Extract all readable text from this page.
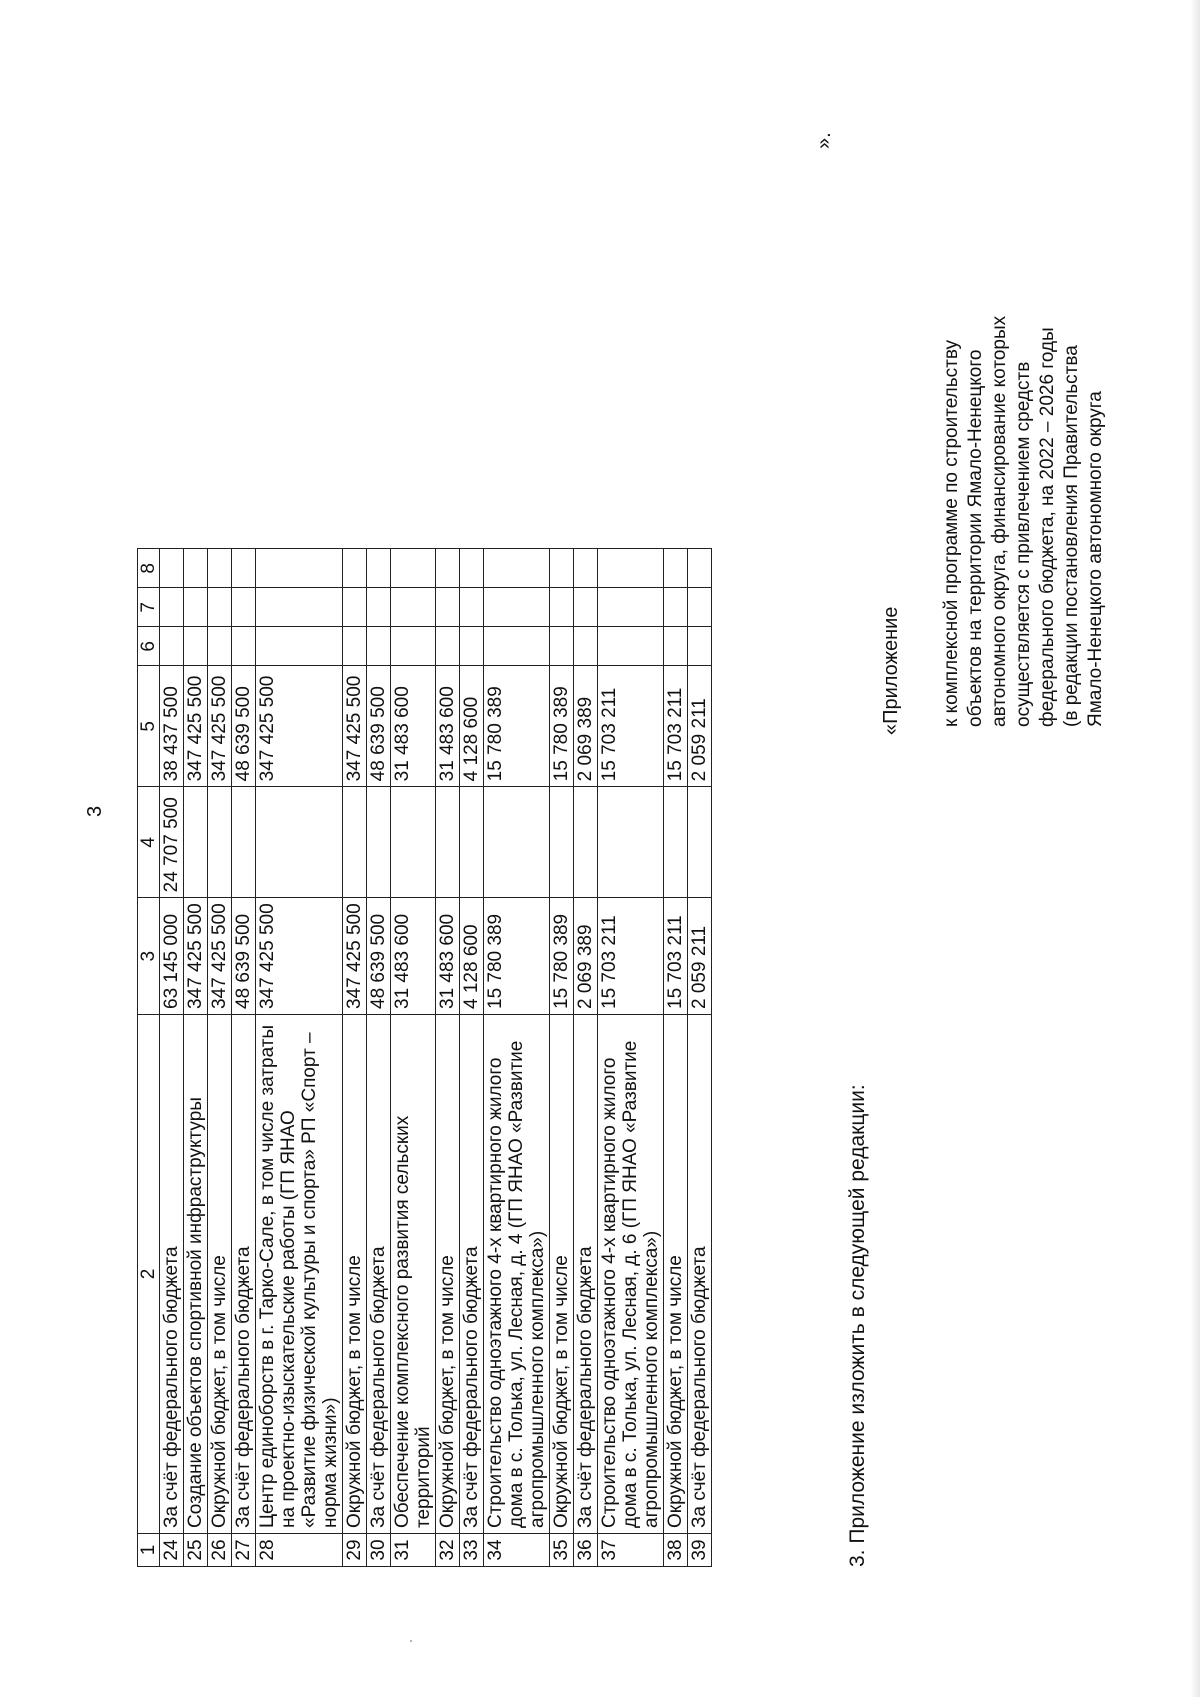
3
1	2	3	4	5	6	7	8
24	За счёт федерального бюджета	63 145 000	24 707 500	38 437 500			
25	Создание объектов спортивной инфраструктуры	347 425 500		347 425 500			
26	Окружной бюджет, в том числе	347 425 500		347 425 500			
27	За счёт федерального бюджета	48 639 500		48 639 500			
28	Центр единоборств в г. Тарко-Сале, в том числе затраты на проектно-изыскательские работы (ГП ЯНАО «Развитие физической культуры и спорта» РП «Спорт – норма жизни»)	347 425 500		347 425 500			
29	Окружной бюджет, в том числе	347 425 500		347 425 500			
30	За счёт федерального бюджета	48 639 500		48 639 500			
31	Обеспечение комплексного развития сельских территорий	31 483 600		31 483 600			
32	Окружной бюджет, в том числе	31 483 600		31 483 600			
33	За счёт федерального бюджета	4 128 600		4 128 600			
34	Строительство одноэтажного 4-х квартирного жилого дома в с. Толька, ул. Лесная, д. 4 (ГП ЯНАО «Развитие агропромышленного комплекса»)	15 780 389		15 780 389			
35	Окружной бюджет, в том числе	15 780 389		15 780 389			
36	За счёт федерального бюджета	2 069 389		2 069 389			
37	Строительство одноэтажного 4-х квартирного жилого дома в с. Толька, ул. Лесная, д. 6 (ГП ЯНАО «Развитие агропромышленного комплекса»)	15 703 211		15 703 211			
38	Окружной бюджет, в том числе	15 703 211		15 703 211			
39	За счёт федерального бюджета	2 059 211		2 059 211			
».
3. Приложение изложить в следующей редакции:
«Приложение к комплексной программе по строительству объектов на территории Ямало-Ненецкого автономного округа, финансирование которых осуществляется с привлечением средств федерального бюджета, на 2022 – 2026 годы (в редакции постановления Правительства Ямало-Ненецкого автономного округа
